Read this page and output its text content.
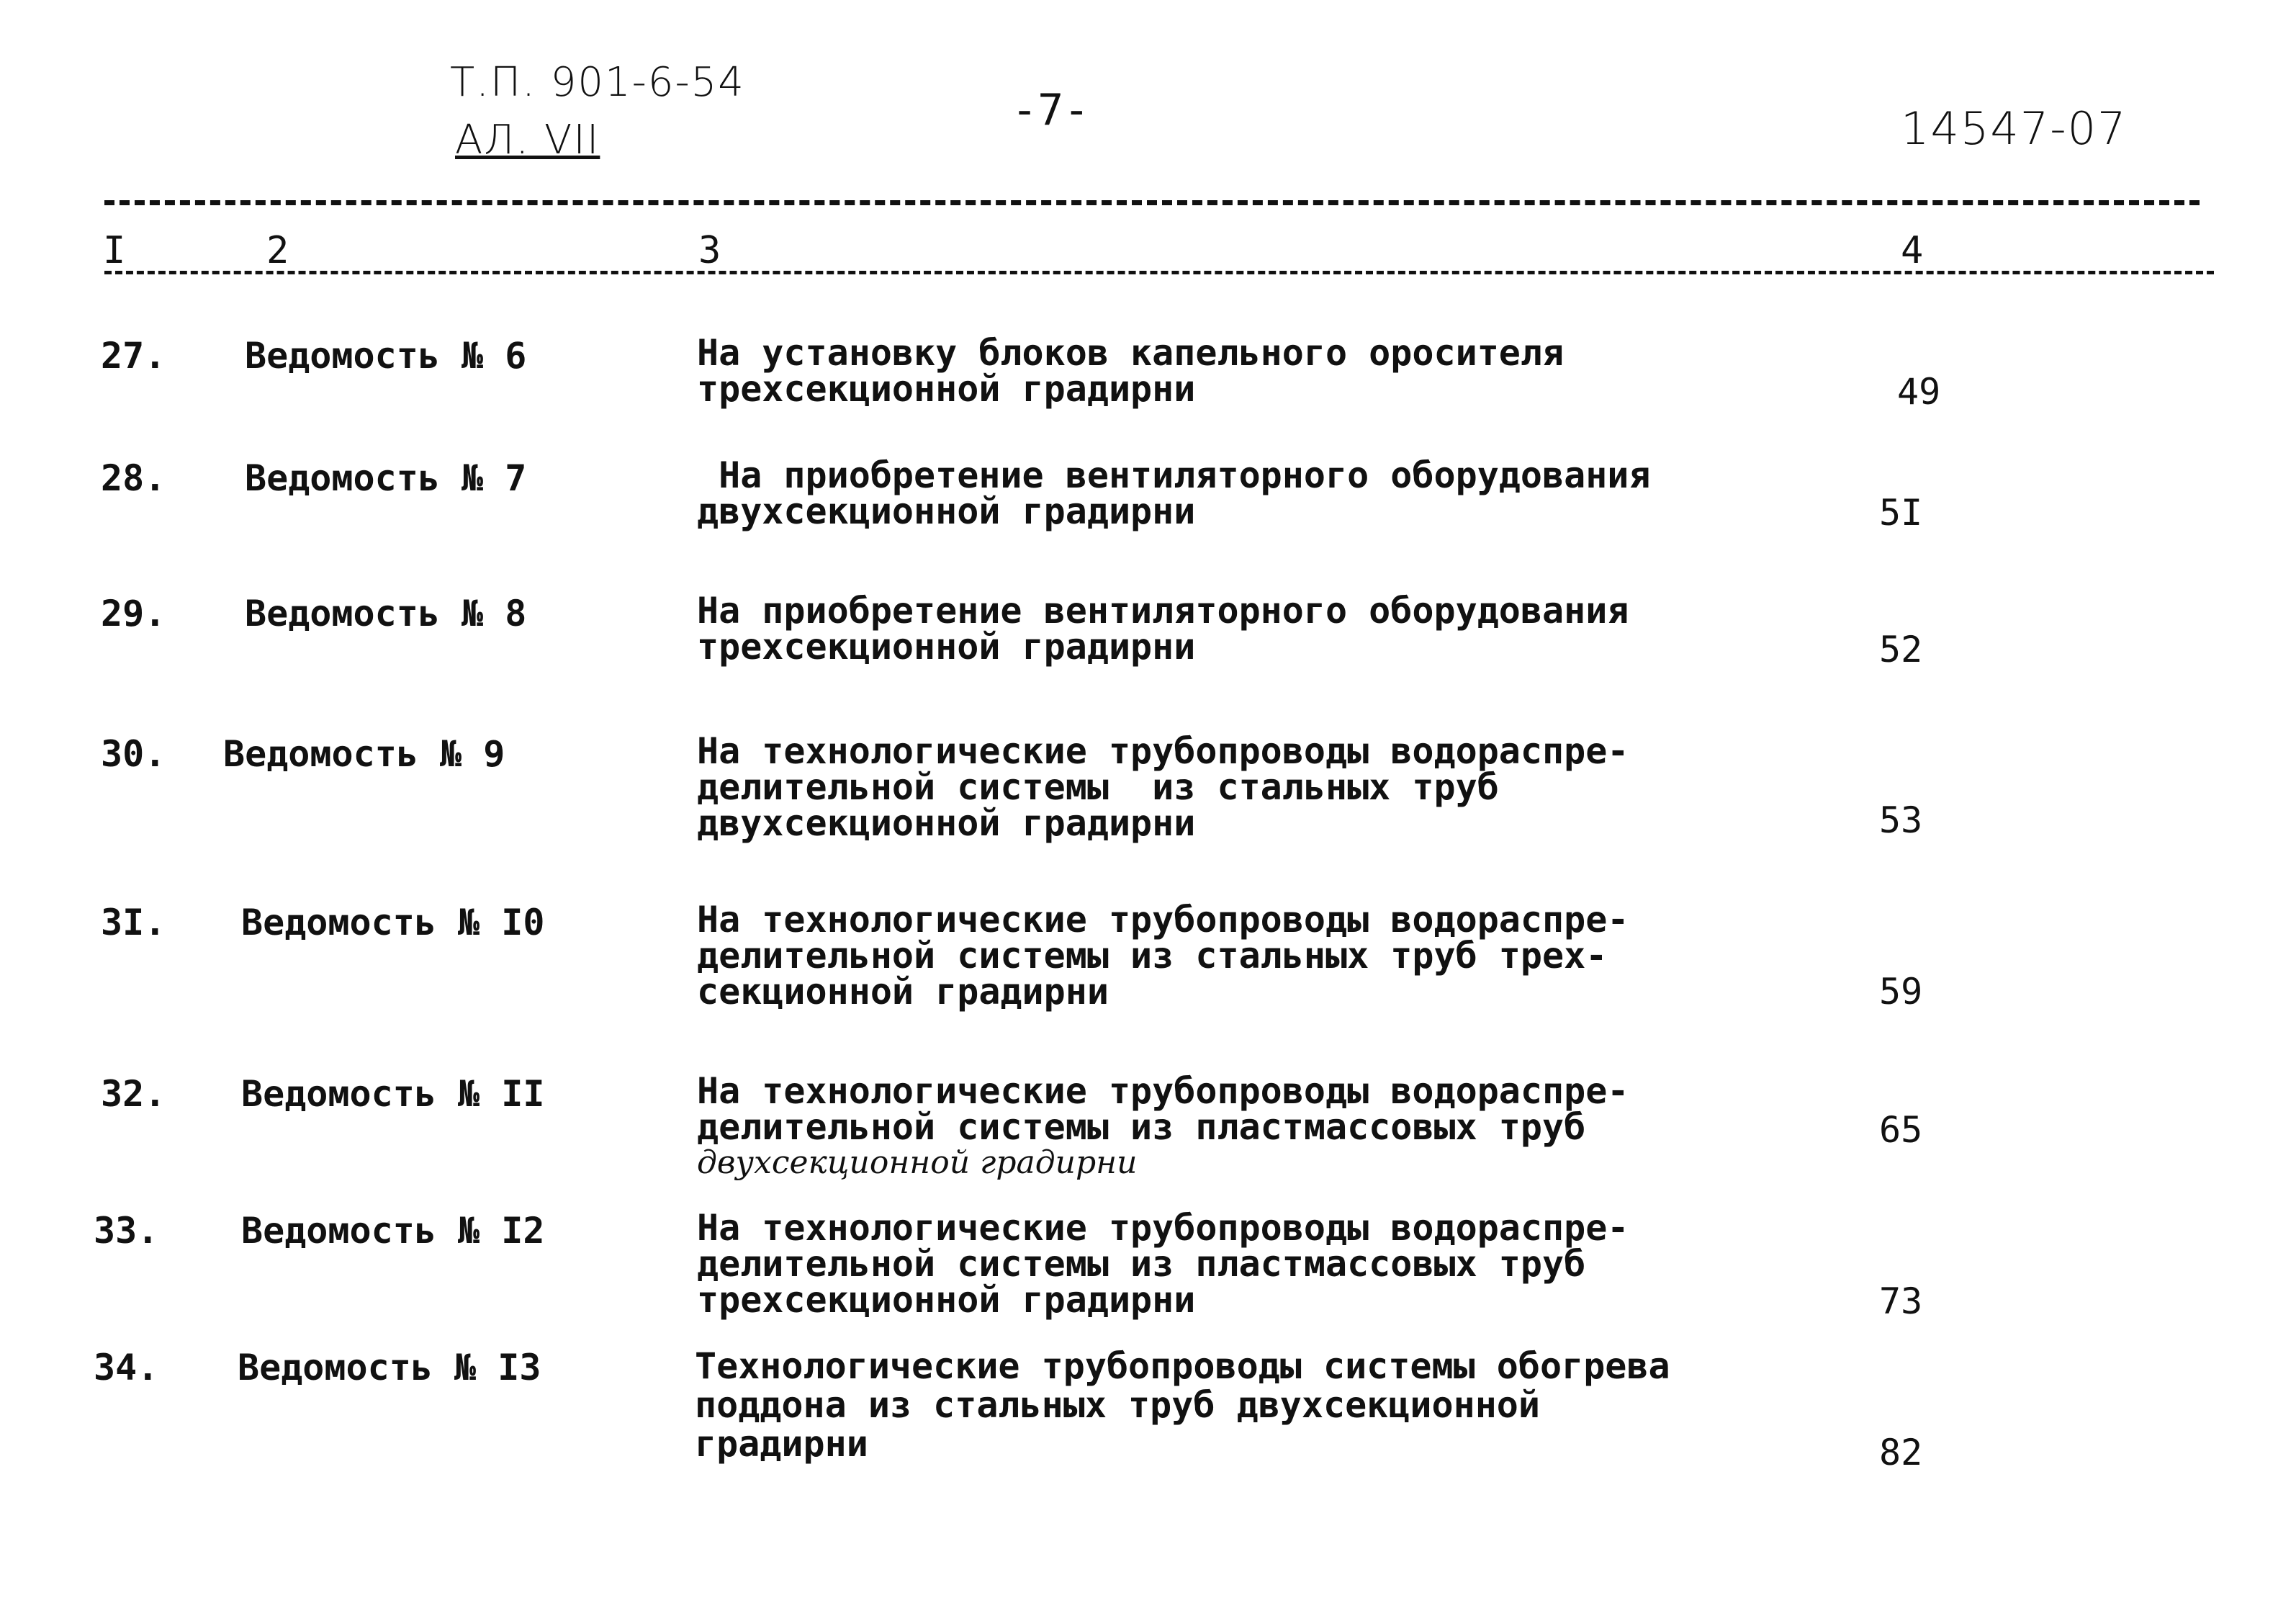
Т.П. 901-6-54
АЛ. VII
-7-	14547-07
I	2	3	4
27. Ведомость № 6	На установку блоков капельного оросителя
трехсекционной градирни	49
28. Ведомость № 7	На приобретение вентиляторного оборудования
двухсекционной градирни	5I
29. Ведомость № 8	На приобретение вентиляторного оборудования
трехсекционной градирни	52
30. Ведомость № 9	На технологические трубопроводы водораспре-
делительной системы  из стальных труб
двухсекционной градирни	53
3I. Ведомость № I0	На технологические трубопроводы водораспре-
делительной системы из стальных труб трех-
секционной градирни	59
32. Ведомость № II	На технологические трубопроводы водораспре-
делительной системы из пластмассовых труб
двухсекционной градирни
65
33. Ведомость № I2	На технологические трубопроводы водораспре-
делительной системы из пластмассовых труб
трехсекционной градирни	73
34. Ведомость № I3	Технологические трубопроводы системы обогрева
поддона из стальных труб двухсекционной
градирни	82
